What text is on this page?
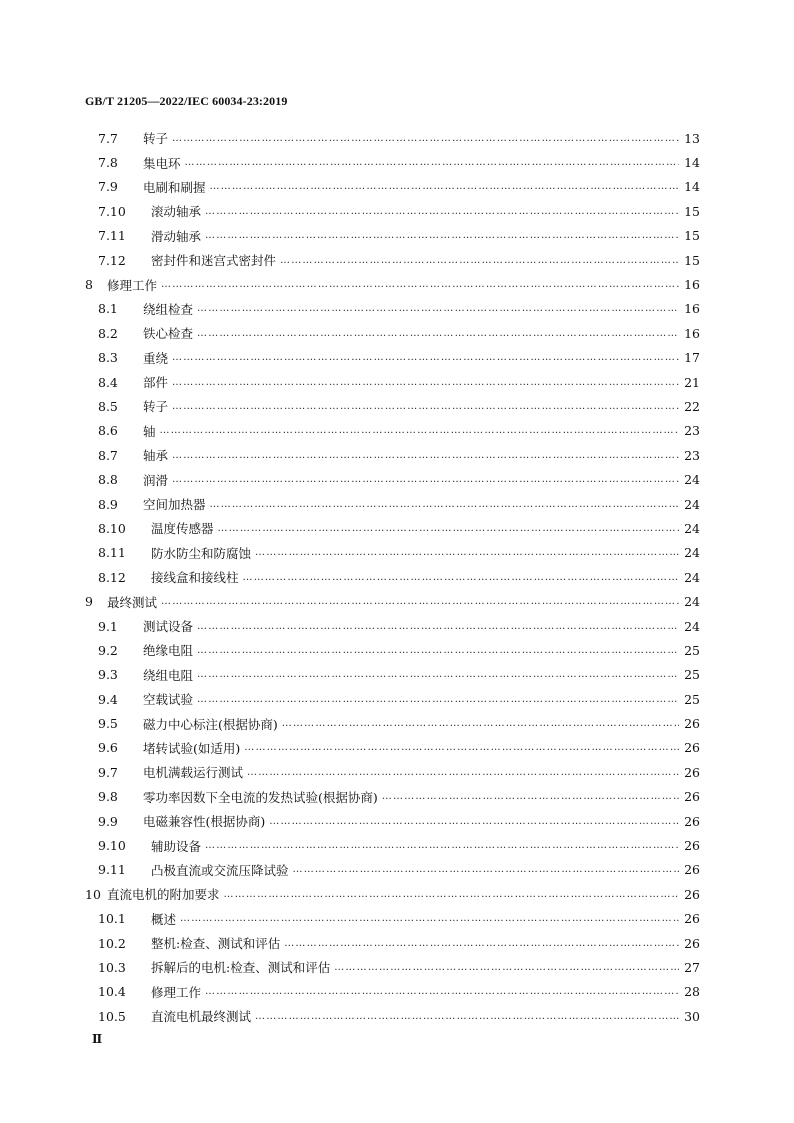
GB/T 21205—2022/IEC 60034-23:2019
7.7	转子 …………………………………………………………………………………………………………………………………………………………………………………………………………………………	13
7.8	集电环 …………………………………………………………………………………………………………………………………………………………………………………………………………………………	14
7.9	电刷和刷握 …………………………………………………………………………………………………………………………………………………………………………………………………………………………	14
7.10	滚动轴承 …………………………………………………………………………………………………………………………………………………………………………………………………………………………	15
7.11	滑动轴承 …………………………………………………………………………………………………………………………………………………………………………………………………………………………	15
7.12	密封件和迷宫式密封件 …………………………………………………………………………………………………………………………………………………………………………………………………………………………	15
8	修理工作 …………………………………………………………………………………………………………………………………………………………………………………………………………………………	16
8.1	绕组检查 …………………………………………………………………………………………………………………………………………………………………………………………………………………………	16
8.2	铁心检查 …………………………………………………………………………………………………………………………………………………………………………………………………………………………	16
8.3	重绕 …………………………………………………………………………………………………………………………………………………………………………………………………………………………	17
8.4	部件 …………………………………………………………………………………………………………………………………………………………………………………………………………………………	21
8.5	转子 …………………………………………………………………………………………………………………………………………………………………………………………………………………………	22
8.6	轴 …………………………………………………………………………………………………………………………………………………………………………………………………………………………	23
8.7	轴承 …………………………………………………………………………………………………………………………………………………………………………………………………………………………	23
8.8	润滑 …………………………………………………………………………………………………………………………………………………………………………………………………………………………	24
8.9	空间加热器 …………………………………………………………………………………………………………………………………………………………………………………………………………………………	24
8.10	温度传感器 …………………………………………………………………………………………………………………………………………………………………………………………………………………………	24
8.11	防水防尘和防腐蚀 …………………………………………………………………………………………………………………………………………………………………………………………………………………………	24
8.12	接线盒和接线柱 …………………………………………………………………………………………………………………………………………………………………………………………………………………………	24
9	最终测试 …………………………………………………………………………………………………………………………………………………………………………………………………………………………	24
9.1	测试设备 …………………………………………………………………………………………………………………………………………………………………………………………………………………………	24
9.2	绝缘电阻 …………………………………………………………………………………………………………………………………………………………………………………………………………………………	25
9.3	绕组电阻 …………………………………………………………………………………………………………………………………………………………………………………………………………………………	25
9.4	空载试验 …………………………………………………………………………………………………………………………………………………………………………………………………………………………	25
9.5	磁力中心标注(根据协商) …………………………………………………………………………………………………………………………………………………………………………………………………………………………	26
9.6	堵转试验(如适用) …………………………………………………………………………………………………………………………………………………………………………………………………………………………	26
9.7	电机满载运行测试 …………………………………………………………………………………………………………………………………………………………………………………………………………………………	26
9.8	零功率因数下全电流的发热试验(根据协商) …………………………………………………………………………………………………………………………………………………………………………………………………………………………	26
9.9	电磁兼容性(根据协商) …………………………………………………………………………………………………………………………………………………………………………………………………………………………	26
9.10	辅助设备 …………………………………………………………………………………………………………………………………………………………………………………………………………………………	26
9.11	凸极直流或交流压降试验 …………………………………………………………………………………………………………………………………………………………………………………………………………………………	26
10 直流电机的附加要求 …………………………………………………………………………………………………………………………………………………………………………………………………………………………	26
10.1	概述 …………………………………………………………………………………………………………………………………………………………………………………………………………………………	26
10.2	整机:检查、测试和评估 …………………………………………………………………………………………………………………………………………………………………………………………………………………………	26
10.3	拆解后的电机:检查、测试和评估 …………………………………………………………………………………………………………………………………………………………………………………………………………………………	27
10.4	修理工作 …………………………………………………………………………………………………………………………………………………………………………………………………………………………	28
10.5	直流电机最终测试 …………………………………………………………………………………………………………………………………………………………………………………………………………………………	30
Ⅱ
